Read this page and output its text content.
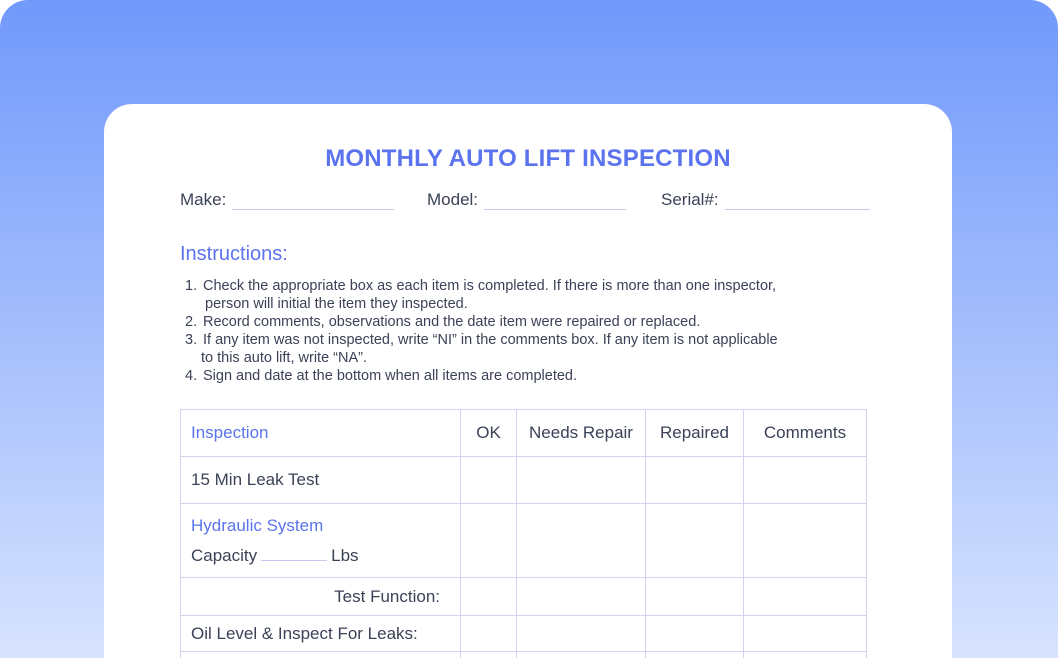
MONTHLY AUTO LIFT INSPECTION
Make:	Model:	Serial#:
Instructions:
1. Check the appropriate box as each item is completed. If there is more than one inspector,
person will initial the item they inspected.
2. Record comments, observations and the date item were repaired or replaced.
3. If any item was not inspected, write “NI” in the comments box. If any item is not applicable
to this auto lift, write “NA”.
4. Sign and date at the bottom when all items are completed.
Inspection	OK	Needs Repair	Repaired	Comments
15 Min Leak Test				

Hydraulic System
Capacity Lbs				

Test Function:				
Oil Level & Inspect For Leaks:				
